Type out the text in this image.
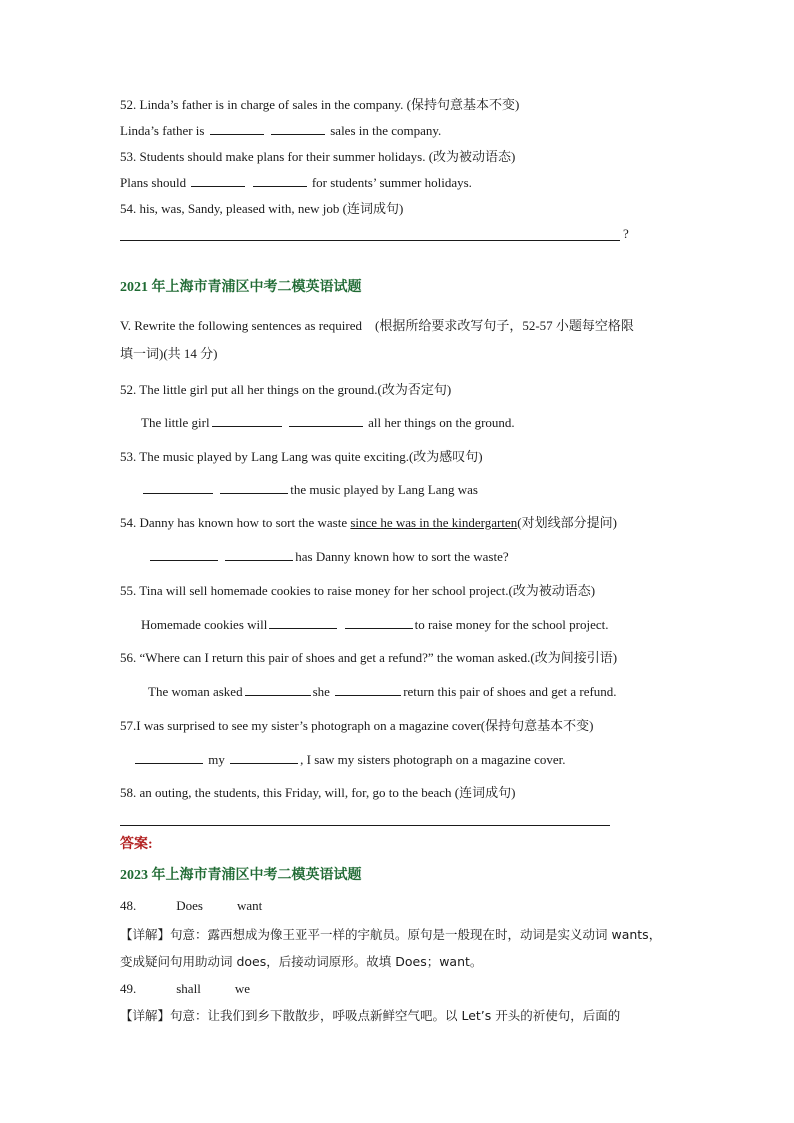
52. Linda’s father is in charge of sales in the company. (保持句意基本不变)
Linda’s father is	sales in the company.
53. Students should make plans for their summer holidays. (改为被动语态)
Plans should	for students’ summer holidays.
54. his, was, Sandy, pleased with, new job (连词成句)
?
2021 年上海市青浦区中考二模英语试题
V. Rewrite the following sentences as required　(根据所给要求改写句子，52-57 小题每空格限
填一词)(共 14 分)
52. The little girl put all her things on the ground.(改为否定句)
The little girl	all her things on the ground.
53. The music played by Lang Lang was quite exciting.(改为感叹句)
the music played by Lang Lang was
54. Danny has known how to sort the waste since he was in the kindergarten(对划线部分提问)
has Danny known how to sort the waste?
55. Tina will sell homemade cookies to raise money for her school project.(改为被动语态)
Homemade cookies will	to raise money for the school project.
56. “Where can I return this pair of shoes and get a refund?” the woman asked.(改为间接引语)
The woman asked	she	return this pair of shoes and get a refund.
57.I was surprised to see my sister’s photograph on a magazine cover(保持句意基本不变)
my	, I saw my sisters photograph on a magazine cover.
58. an outing, the students, this Friday, will, for, go to the beach (连词成句)
答案:
2023 年上海市青浦区中考二模英语试题
48.	Does	want
【详解】句意：露西想成为像王亚平一样的宇航员。原句是一般现在时，动词是实义动词 wants，
变成疑问句用助动词 does，后接动词原形。故填 Does；want。
49.	shall	we
【详解】句意：让我们到乡下散散步，呼吸点新鲜空气吧。以 Let’s 开头的祈使句，后面的
